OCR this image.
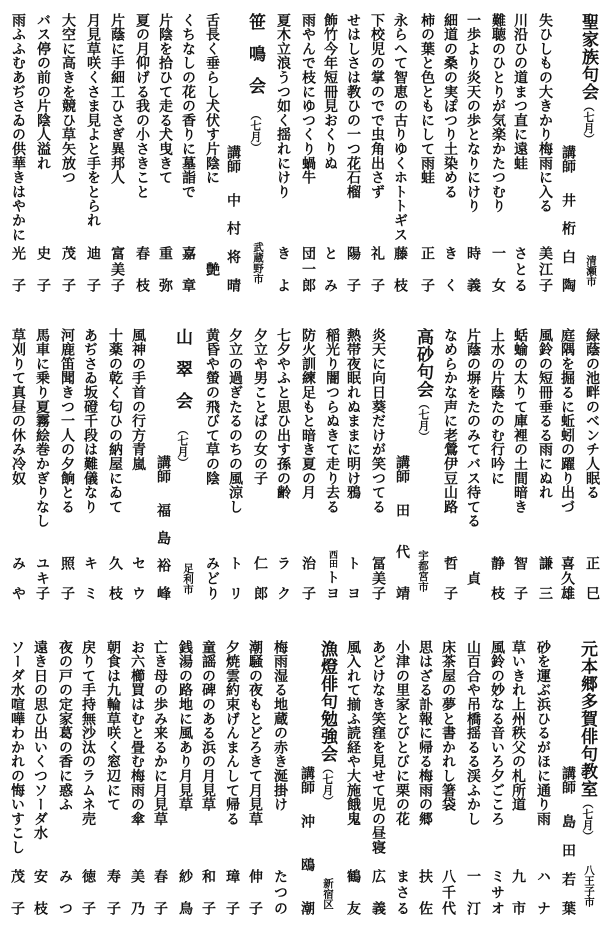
聖家族句会（七月）
講師
井桁白陶 清瀬市
失ひしもの大きかり梅雨に入る
美江子
川沿ひの道まつ直に遠蛙
さとる
難聴のひとりが気楽かたつむり
一女
一歩より炎天の歩となりにけり
時義
細道の桑の実ぽつり土染める
きく
柿の葉と色ともにして雨蛙
正子
永らへて智恵の古りゆくホトトギス
藤枝
下校児の掌のでで虫角出さず
礼子
せはしさは教ひの一つ花石榴
陽子
飾竹今年短冊見おくりぬ
とみ
雨やんで枝にゆつくり蝸牛
団一郎
夏木立浪うつ如く揺れにけり
きよ
笹鳴会（七月）
講師
中村将晴 武蔵野市
舌長く垂らし犬伏す片陰に
艶
くちなしの花の香りに墓詣で
嘉章
片陰を拾ひて走る犬曳きて
重弥
夏の月仰げる我の小さきこと
春枝
片蔭に手細工ひさぎ異邦人
富美子
月見草咲くさま見よと手をとられ
迪子
大空に高きを競ひ草矢放つ
茂子
バス停の前の片陰人溢れ
史子
雨ふふむあぢさゐの供華きはやかに
光子
緑蔭の池畔のベンチ人眠る
正巳
庭隅を掘るに蚯蚓の躍り出づ
喜久雄
風鈴の短冊垂るる雨にぬれ
謙三
蛞蝓の太りて庫裡の土間暗き
智子
上水の片蔭たのむ行吟に
静枝
片蔭の塀をたのみてバス待てる
貞
なめらかな声に老鶯伊豆山路
哲子
高砂句会（七月）
講師
田代靖 宇都宮市
炎天に向日葵だけが笑つてる
冨美子
熱帯夜眠れぬままに明け鴉
トヨ
稲光り闇つらぬきて走り去る
トヨ
西田
防火訓練足もと暗き夏の月
治子
七夕やふと思ひ出す孫の齢
ラク
夕立や男ことばの女の子
仁郎
夕立の過ぎたるのちの風涼し
トリ
黄昏や螢の飛びて草の陰
みどり
山翠会（七月）
講師
福島裕峰 足利市
風神の手首の行方青嵐
セウ
十薬の乾く匂ひの納屋にゐて
久枝
あぢさゐ坂磴千段は難儀なり
キミ
河鹿笛聞きつ一人の夕餉とる
照子
馬車に乗り夏霧絵巻かぎりなし
ユキ子
草刈りて真昼の休み冷奴
みや
元本郷多賀俳句教室（七月）
講師
島田若葉 八王子市
砂を運ぶ浜ひるがほに通り雨
ハナ
草いきれ上州秩父の札所道
九市
風鈴の妙なる音いろ夕ごころ
ミサオ
山百合や吊橋揺るる渓ふかし
一汀
床茶屋の夢と書かれし箸袋
八千代
思はざる訃報に帰る梅雨の郷
扶佐
小津の里家とびとびに栗の花
まさる
あどけなき笑窪を見せて児の昼寝
広義
風入れて揃ふ読経や大施餓鬼
鶴友
漁燈俳句勉強会（七月）
講師
沖鴎潮 新宿区
梅雨湿る地蔵の赤き涎掛け
たつの
潮騒の夜もとどろきて月見草
伸子
夕焼雲約束げんまんして帰る
璋子
童謡の碑のある浜の月見草
和子
銭湯の路地に風あり月見草
紗鳥
亡き母の歩み来るかに月見草
春子
お六櫛買はむと畳む梅雨の傘
美乃
朝食は九輪草咲く窓辺にて
寿子
戻りて手持無沙汰のラムネ売
徳子
夜の戸の定家葛の香に惑ふ
みつ
遠き日の思ひ出いくつソーダ水
安枝
ソーダ水喧嘩わかれの悔いすこし
茂子
